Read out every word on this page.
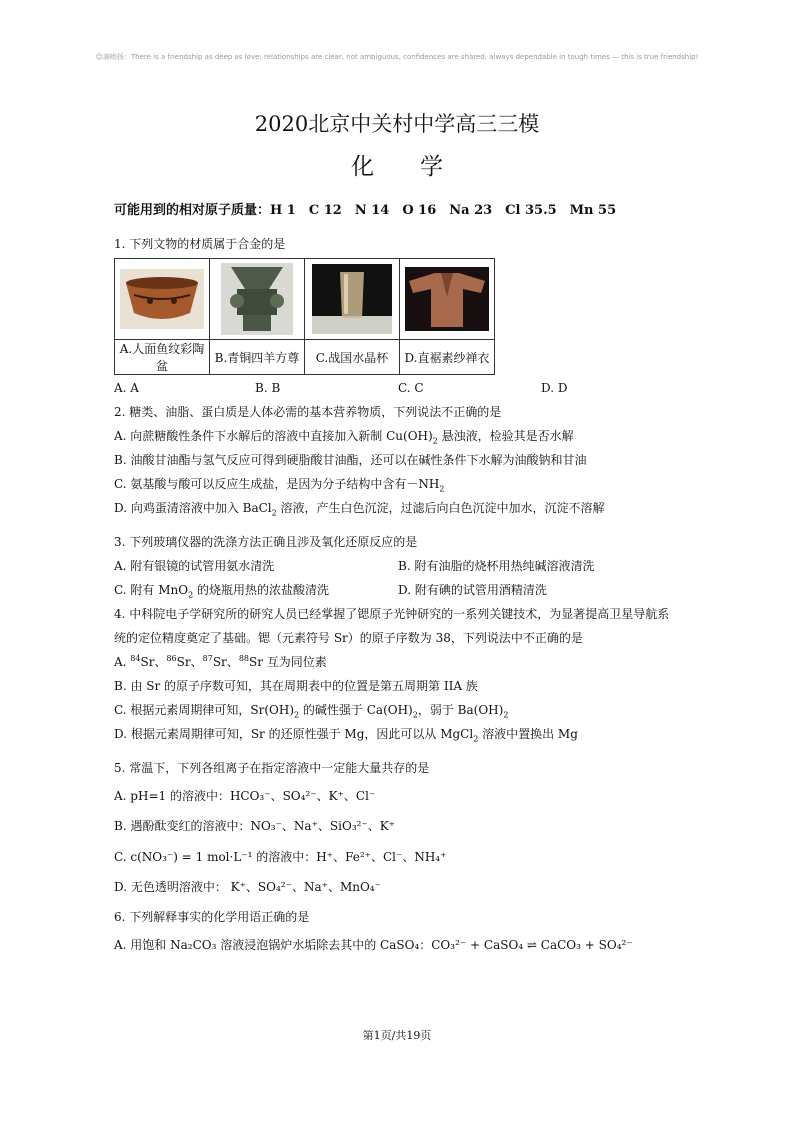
☺滴呦扬：There is a friendship as deep as love; relationships are clear, not ambiguous, confidences are shared; always dependable in tough times — this is true friendship!
2020北京中关村中学高三三模
化　　学
可能用到的相对原子质量：H 1　C 12　N 14　O 16　Na 23　Cl 35.5　Mn 55
1. 下列文物的材质属于合金的是

A.人面鱼纹彩陶盆	B.青铜四羊方尊	C.战国水晶杯	D.直裾素纱禅衣
A. A	B. B	C. C	D. D
2. 糖类、油脂、蛋白质是人体必需的基本营养物质，下列说法不正确的是
A. 向蔗糖酸性条件下水解后的溶液中直接加入新制 $Cu(OH)_2$ 悬浊液，检验其是否水解
B. 油酸甘油酯与氢气反应可得到硬脂酸甘油酯，还可以在碱性条件下水解为油酸钠和甘油
C. 氨基酸与酸可以反应生成盐，是因为分子结构中含有$-NH_2$
D. 向鸡蛋清溶液中加入 BaCl$_2$ 溶液，产生白色沉淀，过滤后向白色沉淀中加水，沉淀不溶解
3. 下列玻璃仪器的洗涤方法正确且涉及氧化还原反应的是
A. 附有银镜的试管用氨水清洗	B. 附有油脂的烧杯用热纯碱溶液清洗
C. 附有 MnO$_2$ 的烧瓶用热的浓盐酸清洗	D. 附有碘的试管用酒精清洗
4. 中科院电子学研究所的研究人员已经掌握了锶原子光钟研究的一系列关键技术，为显著提高卫星导航系
统的定位精度奠定了基础。锶（元素符号 Sr）的原子序数为 38，下列说法中不正确的是
A. $^{84}$Sr、$^{86}$Sr、$^{87}$Sr、$^{88}$Sr 互为同位素
B. 由 Sr 的原子序数可知，其在周期表中的位置是第五周期第 IIA 族
C. 根据元素周期律可知，$Sr(OH)_2$ 的碱性强于 $Ca(OH)_2$，弱于 $Ba(OH)_2$
D. 根据元素周期律可知，Sr 的还原性强于 Mg，因此可以从 MgCl$_2$ 溶液中置换出 Mg
5. 常温下，下列各组离子在指定溶液中一定能大量共存的是
A. pH=1 的溶液中：HCO₃⁻、SO₄²⁻、K⁺、Cl⁻
B. 遇酚酞变红的溶液中：NO₃⁻、Na⁺、SiO₃²⁻、K⁺
C. c(NO₃⁻) = 1 mol·L⁻¹ 的溶液中：H⁺、Fe²⁺、Cl⁻、NH₄⁺
D. 无色透明溶液中： K⁺、SO₄²⁻、Na⁺、MnO₄⁻
6. 下列解释事实的化学用语正确的是
A. 用饱和 Na₂CO₃ 溶液浸泡锅炉水垢除去其中的 CaSO₄：CO₃²⁻ + CaSO₄ ⇌ CaCO₃ + SO₄²⁻
第1页/共19页
